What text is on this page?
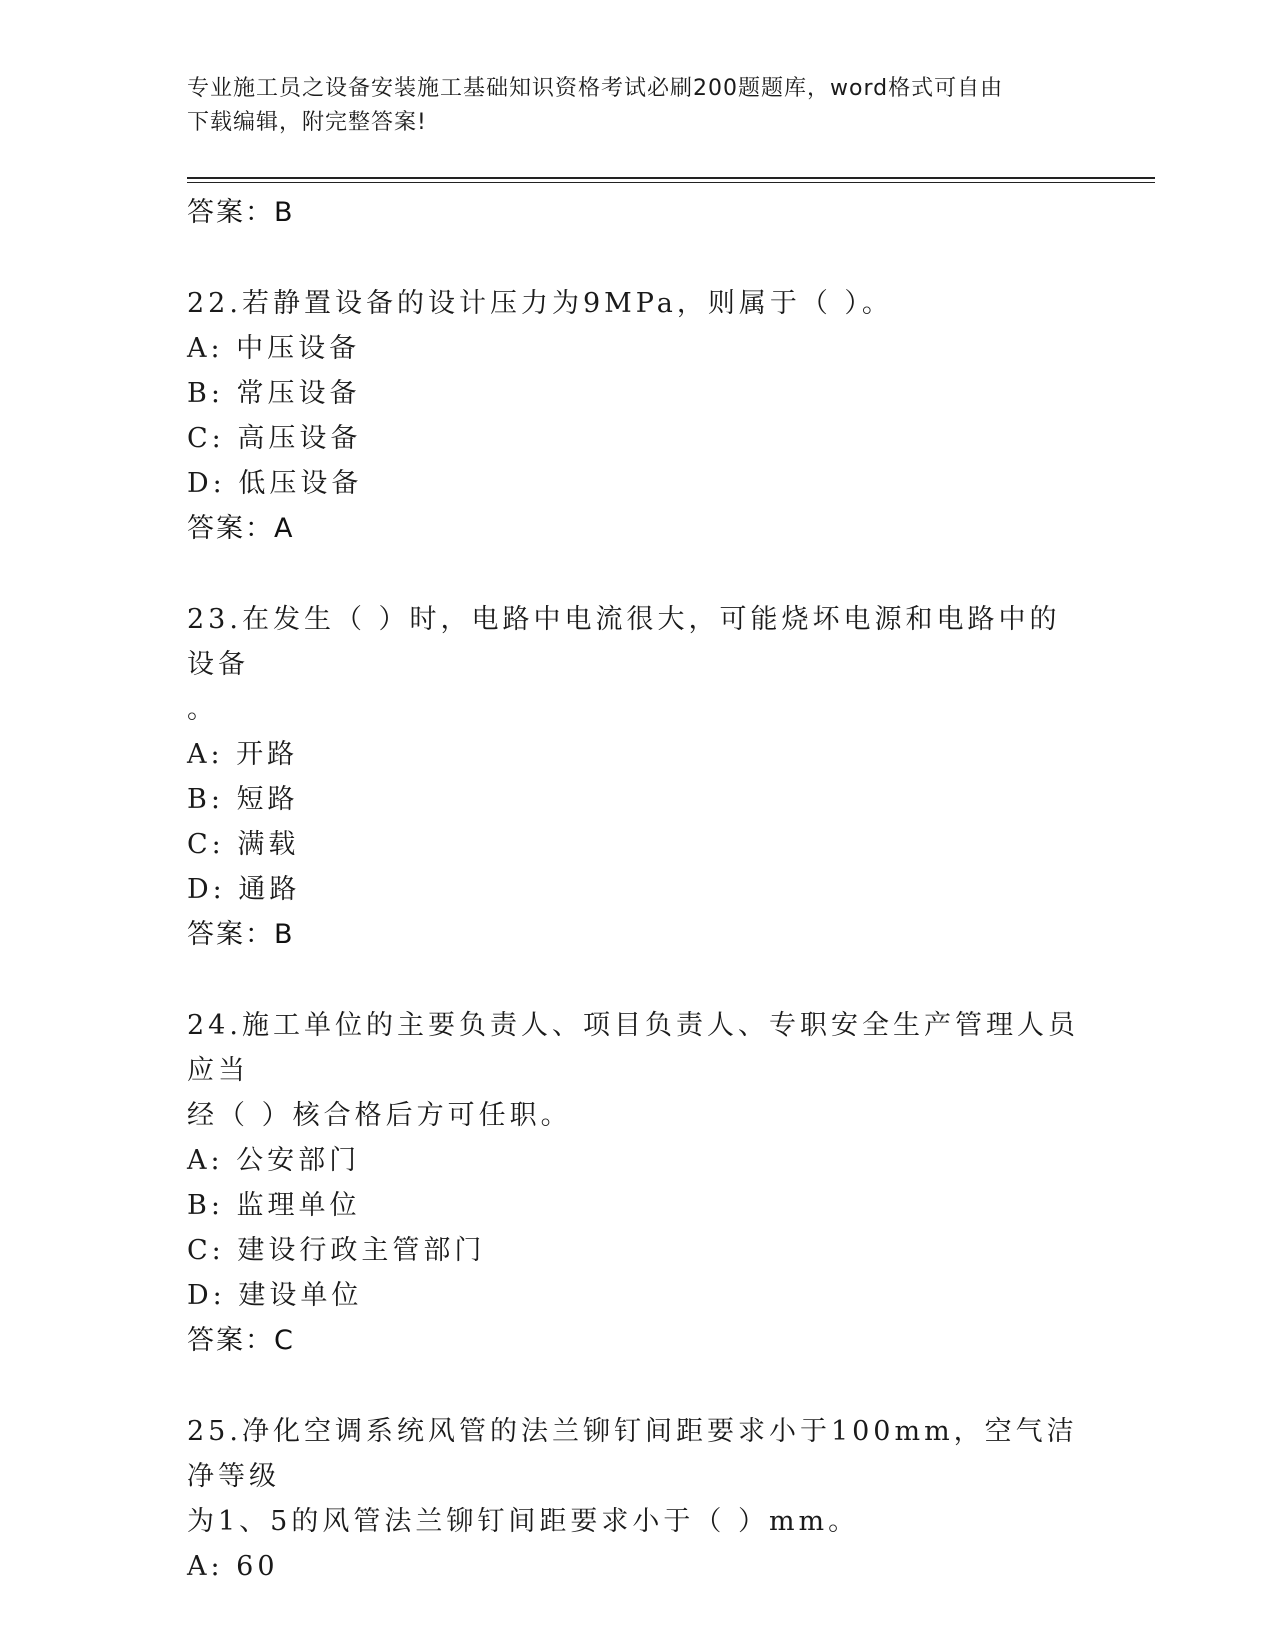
专业施工员之设备安装施工基础知识资格考试必刷200题题库，word格式可自由
下载编辑，附完整答案!
答案：B
22.若静置设备的设计压力为9MPa，则属于（ ）。
A: 中压设备
B: 常压设备
C: 高压设备
D: 低压设备
答案：A
23.在发生（ ）时，电路中电流很大，可能烧坏电源和电路中的设备
。
A: 开路
B: 短路
C: 满载
D: 通路
答案：B
24.施工单位的主要负责人、项目负责人、专职安全生产管理人员应当
经（ ）核合格后方可任职。
A: 公安部门
B: 监理单位
C: 建设行政主管部门
D: 建设单位
答案：C
25.净化空调系统风管的法兰铆钉间距要求小于100mm，空气洁净等级
为1、5的风管法兰铆钉间距要求小于（ ）mm。
A: 60
